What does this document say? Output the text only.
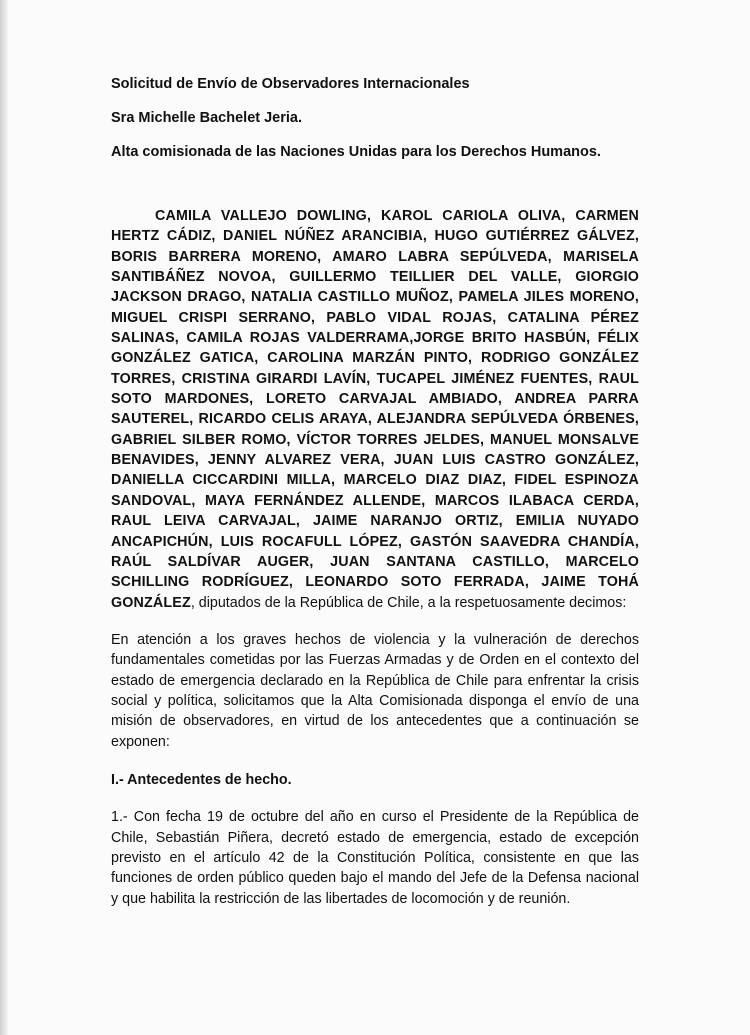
Solicitud de Envío de Observadores Internacionales
Sra Michelle Bachelet Jeria.
Alta comisionada de las Naciones Unidas para los Derechos Humanos.

CAMILA VALLEJO DOWLING, KAROL CARIOLA OLIVA, CARMEN HERTZ CÁDIZ, DANIEL NÚÑEZ ARANCIBIA, HUGO GUTIÉRREZ GÁLVEZ, BORIS BARRERA MORENO, AMARO LABRA SEPÚLVEDA, MARISELA SANTIBÁÑEZ NOVOA, GUILLERMO TEILLIER DEL VALLE, GIORGIO JACKSON DRAGO, NATALIA CASTILLO MUÑOZ, PAMELA JILES MORENO, MIGUEL CRISPI SERRANO, PABLO VIDAL ROJAS, CATALINA PÉREZ SALINAS, CAMILA ROJAS VALDERRAMA,JORGE BRITO HASBÚN, FÉLIX GONZÁLEZ GATICA, CAROLINA MARZÁN PINTO, RODRIGO GONZÁLEZ TORRES, CRISTINA GIRARDI LAVÍN, TUCAPEL JIMÉNEZ FUENTES, RAUL SOTO MARDONES, LORETO CARVAJAL AMBIADO, ANDREA PARRA SAUTEREL, RICARDO CELIS ARAYA, ALEJANDRA SEPÚLVEDA ÓRBENES, GABRIEL SILBER ROMO, VÍCTOR TORRES JELDES, MANUEL MONSALVE BENAVIDES, JENNY ALVAREZ VERA, JUAN LUIS CASTRO GONZÁLEZ, DANIELLA CICCARDINI MILLA, MARCELO DIAZ DIAZ, FIDEL ESPINOZA SANDOVAL, MAYA FERNÁNDEZ ALLENDE, MARCOS ILABACA CERDA, RAUL LEIVA CARVAJAL, JAIME NARANJO ORTIZ, EMILIA NUYADO ANCAPICHÚN, LUIS ROCAFULL LÓPEZ, GASTÓN SAAVEDRA CHANDÍA, RAÚL SALDÍVAR AUGER, JUAN SANTANA CASTILLO, MARCELO SCHILLING RODRÍGUEZ, LEONARDO SOTO FERRADA, JAIME TOHÁ GONZÁLEZ, diputados de la República de Chile, a la respetuosamente decimos:

En atención a los graves hechos de violencia y la vulneración de derechos fundamentales cometidas por las Fuerzas Armadas y de Orden en el contexto del estado de emergencia declarado en la República de Chile para enfrentar la crisis social y política, solicitamos que la Alta Comisionada disponga el envío de una misión de observadores, en virtud de los antecedentes que a continuación se exponen:

I.- Antecedentes de hecho.

1.- Con fecha 19 de octubre del año en curso el Presidente de la República de Chile, Sebastián Piñera, decretó estado de emergencia, estado de excepción previsto en el artículo 42 de la Constitución Política, consistente en que las funciones de orden público queden bajo el mando del Jefe de la Defensa nacional y que habilita la restricción de las libertades de locomoción y de reunión.
